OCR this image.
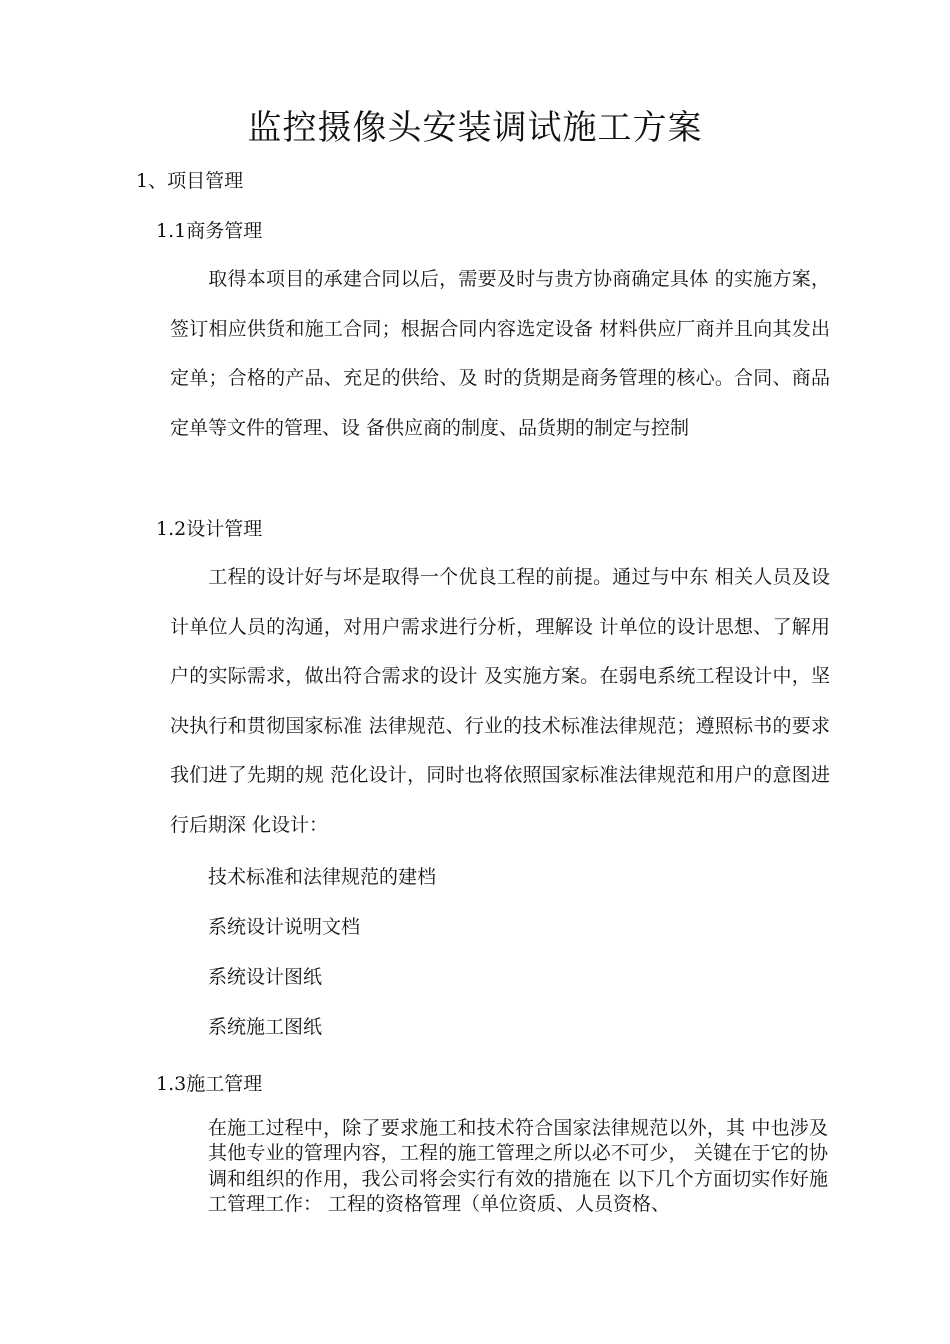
监控摄像头安装调试施工方案
1、项目管理
1.1商务管理
取得本项目的承建合同以后，需要及时与贵方协商确定具体 的实施方案，签订相应供货和施工合同；根据合同内容选定设备 材料供应厂商并且向其发出定单；合格的产品、充足的供给、及 时的货期是商务管理的核心。合同、商品定单等文件的管理、设 备供应商的制度、品货期的制定与控制
1.2设计管理
工程的设计好与坏是取得一个优良工程的前提。通过与中东 相关人员及设计单位人员的沟通，对用户需求进行分析，理解设 计单位的设计思想、了解用户的实际需求，做出符合需求的设计 及实施方案。在弱电系统工程设计中，坚决执行和贯彻国家标准 法律规范、行业的技术标准法律规范；遵照标书的要求我们进了先期的规 范化设计，同时也将依照国家标准法律规范和用户的意图进行后期深 化设计：
技术标准和法律规范的建档
系统设计说明文档
系统设计图纸
系统施工图纸
1.3施工管理
在施工过程中，除了要求施工和技术符合国家法律规范以外，其 中也涉及其他专业的管理内容，工程的施工管理之所以必不可少， 关键在于它的协调和组织的作用，我公司将会实行有效的措施在 以下几个方面切实作好施工管理工作： 工程的资格管理（单位资质、人员资格、
